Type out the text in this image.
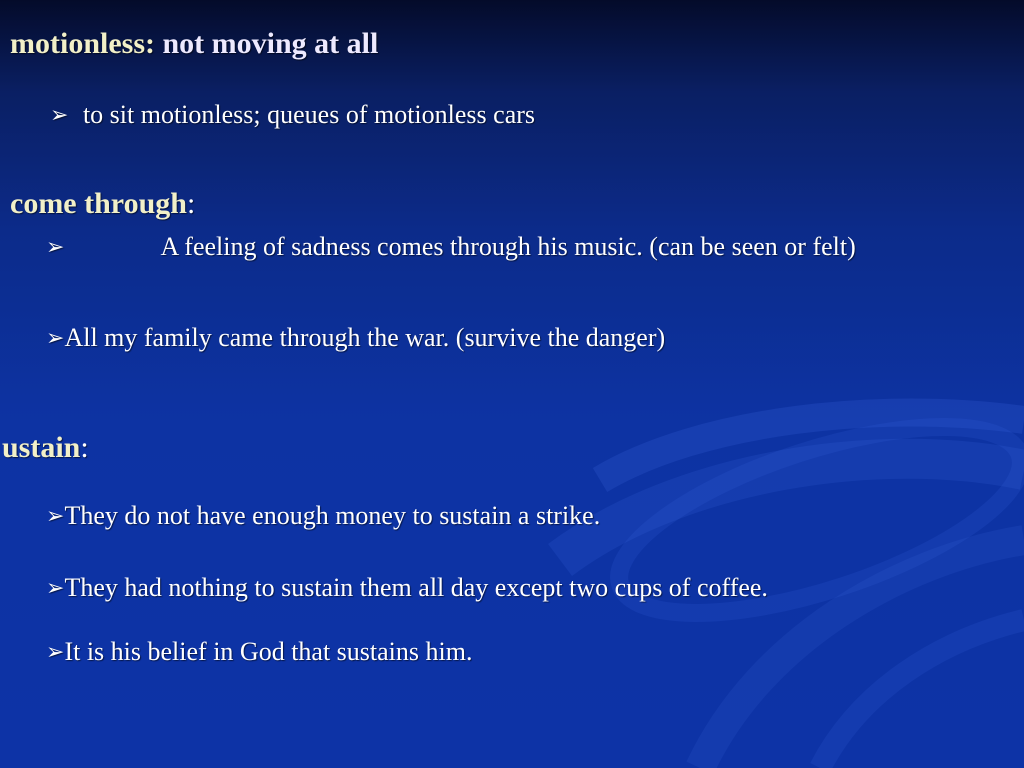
motionless: not moving at all
➢ to sit motionless; queues of motionless cars
come through:
➢	A feeling of sadness comes through his music. (can be seen or felt)
➢All my family came through the war. (survive the danger)
ustain:
➢They do not have enough money to sustain a strike.
➢They had nothing to sustain them all day except two cups of coffee.
➢It is his belief in God that sustains him.
